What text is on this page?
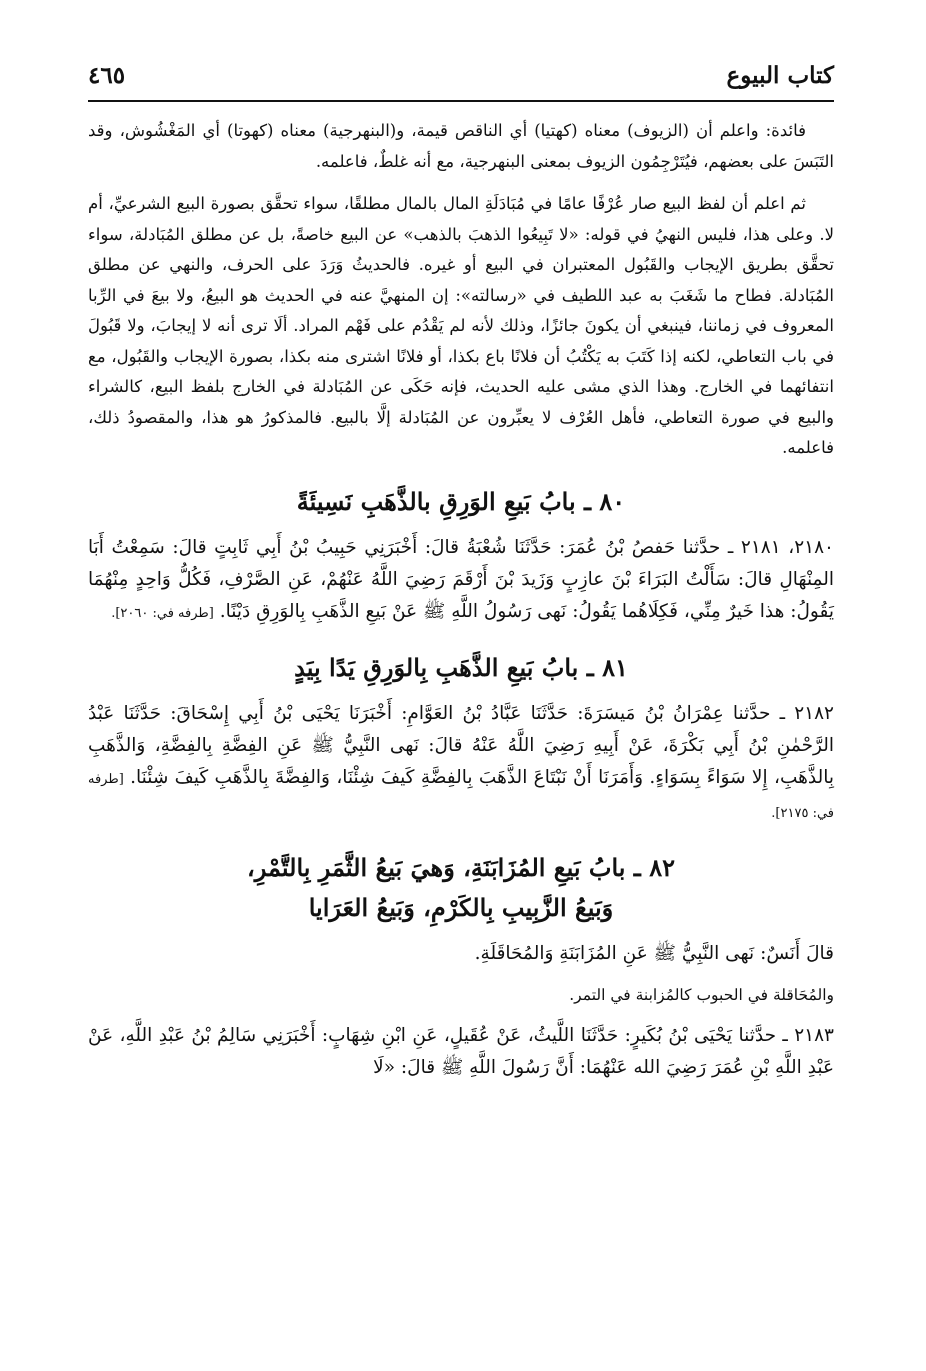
كتاب البيوع
٤٦٥

فائدة: واعلم أن (الزيوف) معناه (كهتيا) أي الناقص قيمة، و(البنهرجية) معناه (كهوتا) أي المَغْشُوش، وقد التَبَسَ على بعضهم، فيُتَرْجِمُون الزيوف بمعنى البنهرجية، مع أنه غلطٌ، فاعلمه.

ثم اعلم أن لفظ البيع صار عُرْفًا عامًا في مُبَادَلَةِ المال بالمال مطلقًا، سواء تحقَّق بصورة البيع الشرعيِّ، أم لا. وعلى هذا، فليس النهيُ في قوله: «لا تَبِيعُوا الذهبَ بالذهب» عن البيع خاصةً، بل عن مطلق المُبَادلة، سواء تحقَّق بطريق الإيجاب والقَبُول المعتبران في البيع أو غيره. فالحديثُ وَرَدَ على الحرف، والنهي عن مطلق المُبَادلة. فطاح ما شَغَبَ به عبد اللطيف في «رسالته»: إن المنهيَّ عنه في الحديث هو البيعُ، ولا بيعَ في الرِّبا المعروف في زماننا، فينبغي أن يكونَ جائزًا، وذلك لأنه لم يَقْدُم على فَهْم المراد. ألَا ترى أنه لا إيجابَ، ولا قَبُولَ في باب التعاطي، لكنه إذا كَتَبَ به يَكْتُبُ أن فلانًا باع بكذا، أو فلانًا اشترى منه بكذا، بصورة الإيجاب والقَبُول، مع انتفائهما في الخارج. وهذا الذي مشى عليه الحديث، فإنه حَكَى عن المُبَادلة في الخارج بلفظ البيع، كالشراء والبيع في صورة التعاطي، فأهل العُرْف لا يعبِّرون عن المُبَادلة إلَّا بالبيع. فالمذكورُ هو هذا، والمقصودُ ذلك، فاعلمه.

٨٠ ـ بابُ بَيعِ الوَرِقِ بالذَّهَبِ نَسِيئَةً

٢١٨٠، ٢١٨١ ـ حدَّثنا حَفصُ بْنُ عُمَرَ: حَدَّثَنَا شُعْبَةُ قالَ: أَخْبَرَنِي حَبِيبُ بْنُ أَبِي ثَابِتٍ قالَ: سَمِعْتُ أَبَا المِنْهَالِ قالَ: سَأَلْتُ البَرَاءَ بْنَ عازِبٍ وَزَيدَ بْنَ أَرْقَمَ رَضِيَ اللَّهُ عَنْهُمْ، عَنِ الصَّرْفِ، فَكُلُّ وَاحِدٍ مِنْهُمَا يَقُولُ: هذا خَيرٌ مِنِّي، فَكِلَاهُما يَقُولُ: نَهى رَسُولُ اللَّهِ ﷺ عَنْ بَيعِ الذَّهَبِ بِالوَرِقِ دَيْنًا. [طرفه في: ٢٠٦٠].

٨١ ـ بابُ بَيعِ الذَّهَبِ بِالوَرِقِ يَدًا بِيَدٍ

٢١٨٢ ـ حدَّثنا عِمْرَانُ بْنُ مَيسَرَةَ: حَدَّثَنَا عَبَّادُ بْنُ العَوَّامِ: أَخْبَرَنَا يَحْيَى بْنُ أَبِي إِسْحَاقَ: حَدَّثَنَا عَبْدُ الرَّحْمٰنِ بْنُ أَبِي بَكْرَةَ، عَنْ أَبِيهِ رَضِيَ اللَّهُ عَنْهُ قالَ: نَهى النَّبِيُّ ﷺ عَنِ الفِضَّةِ بِالفِضَّةِ، وَالذَّهَبِ بِالذَّهَبِ، إِلا سَوَاءً بِسَوَاءٍ. وَأَمَرَنَا أَنْ نَبْتَاعَ الذَّهَبَ بِالفِضَّةِ كَيفَ شِئْنَا، وَالفِضَّةَ بِالذَّهَبِ كَيفَ شِئْنَا. [طرفه في: ٢١٧٥].

٨٢ ـ بابُ بَيعِ المُزَابَنَةِ، وَهيَ بَيعُ الثَّمَرِ بِالتَّمْرِ،
وَبَيعُ الزَّبِيبِ بِالكَرْمِ، وَبَيعُ العَرَايا

قالَ أَنَسٌ: نَهى النَّبِيُّ ﷺ عَنِ المُزَابَنَةِ وَالمُحَاقَلَةِ.

والمُحَاقلة في الحبوب كالمُزابنة في التمر.

٢١٨٣ ـ حدَّثنا يَحْيَى بْنُ بُكَيرٍ: حَدَّثَنَا اللَّيثُ، عَنْ عُقَيلٍ، عَنِ ابْنِ شِهَابٍ: أَخْبَرَنِي سَالِمُ بْنُ عَبْدِ اللَّهِ، عَنْ عَبْدِ اللَّهِ بْنِ عُمَرَ رَضِيَ الله عَنْهُمَا: أَنَّ رَسُولَ اللَّهِ ﷺ قالَ: «لَا
